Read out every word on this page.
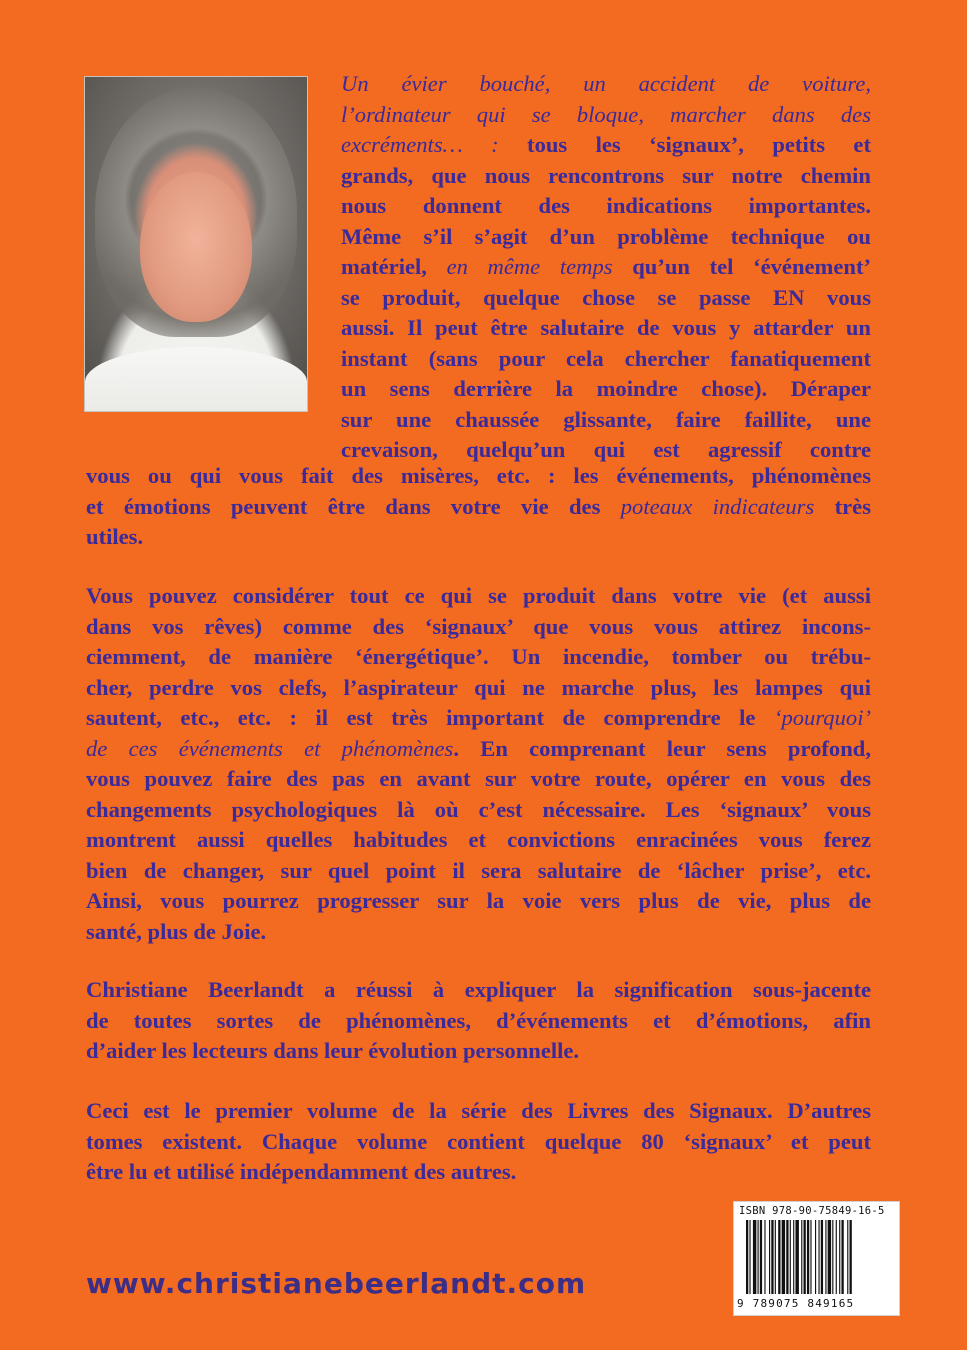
Un évier bouché, un accident de voiture,
l’ordinateur qui se bloque, marcher dans des
excréments… : tous les ‘signaux’, petits et
grands, que nous rencontrons sur notre chemin
nous donnent des indications importantes.
Même s’il s’agit d’un problème technique ou
matériel, en même temps qu’un tel ‘événement’
se produit, quelque chose se passe EN vous
aussi. Il peut être salutaire de vous y attarder un
instant (sans pour cela chercher fanatiquement
un sens derrière la moindre chose). Déraper
sur une chaussée glissante, faire faillite, une
crevaison, quelqu’un qui est agressif contre

vous ou qui vous fait des misères, etc. : les événements, phénomènes
et émotions peuvent être dans votre vie des poteaux indicateurs très
utiles.

Vous pouvez considérer tout ce qui se produit dans votre vie (et aussi
dans vos rêves) comme des ‘signaux’ que vous vous attirez incons-
ciemment, de manière ‘énergétique’. Un incendie, tomber ou trébu-
cher, perdre vos clefs, l’aspirateur qui ne marche plus, les lampes qui
sautent, etc., etc. : il est très important de comprendre le ‘pourquoi’
de ces événements et phénomènes. En comprenant leur sens profond,
vous pouvez faire des pas en avant sur votre route, opérer en vous des
changements psychologiques là où c’est nécessaire. Les ‘signaux’ vous
montrent aussi quelles habitudes et convictions enracinées vous ferez
bien de changer, sur quel point il sera salutaire de ‘lâcher prise’, etc.
Ainsi, vous pourrez progresser sur la voie vers plus de vie, plus de
santé, plus de Joie.

Christiane Beerlandt a réussi à expliquer la signification sous-jacente
de toutes sortes de phénomènes, d’événements et d’émotions, afin
d’aider les lecteurs dans leur évolution personnelle.

Ceci est le premier volume de la série des Livres des Signaux. D’autres
tomes existent. Chaque volume contient quelque 80 ‘signaux’ et peut
être lu et utilisé indépendamment des autres.

www.christianebeerlandt.com
ISBN 978-90-75849-16-5
9 789075 849165
